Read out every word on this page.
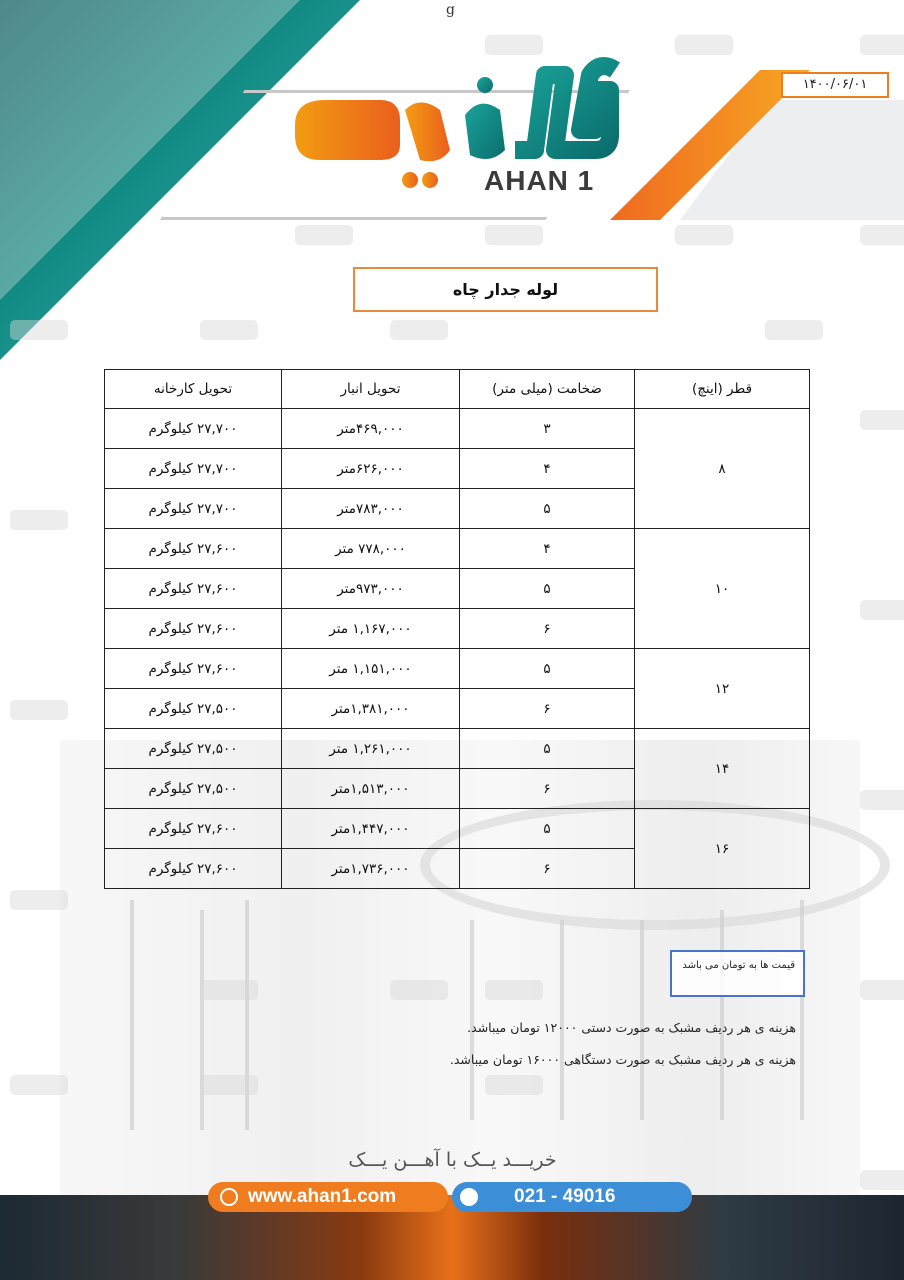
g
AHAN 1
۱۴۰۰/۰۶/۰۱
لوله جدار چاه
قطر (اینچ)	ضخامت (میلی متر)	تحویل انبار	تحویل کارخانه
۸	۳	۴۶۹,۰۰۰متر	۲۷,۷۰۰ کیلوگرم
	۴	۶۲۶,۰۰۰متر	۲۷,۷۰۰ کیلوگرم
	۵	۷۸۳,۰۰۰متر	۲۷,۷۰۰ کیلوگرم
۱۰	۴	۷۷۸,۰۰۰ متر	۲۷,۶۰۰ کیلوگرم
	۵	۹۷۳,۰۰۰متر	۲۷,۶۰۰ کیلوگرم
	۶	۱,۱۶۷,۰۰۰ متر	۲۷,۶۰۰ کیلوگرم
۱۲	۵	۱,۱۵۱,۰۰۰ متر	۲۷,۶۰۰ کیلوگرم
	۶	۱,۳۸۱,۰۰۰متر	۲۷,۵۰۰ کیلوگرم
۱۴	۵	۱,۲۶۱,۰۰۰ متر	۲۷,۵۰۰ کیلوگرم
	۶	۱,۵۱۳,۰۰۰متر	۲۷,۵۰۰ کیلوگرم
۱۶	۵	۱,۴۴۷,۰۰۰متر	۲۷,۶۰۰ کیلوگرم
	۶	۱,۷۳۶,۰۰۰متر	۲۷,۶۰۰ کیلوگرم
قیمت ها به تومان می باشد
هزینه ی هر ردیف مشبک به صورت دستی ۱۲۰۰۰ تومان میباشد.
هزینه ی هر ردیف مشبک به صورت دستگاهی ۱۶۰۰۰ تومان میباشد.
خریـــد یــک با آهـــن یـــک
www.ahan1.com	021 - 49016
